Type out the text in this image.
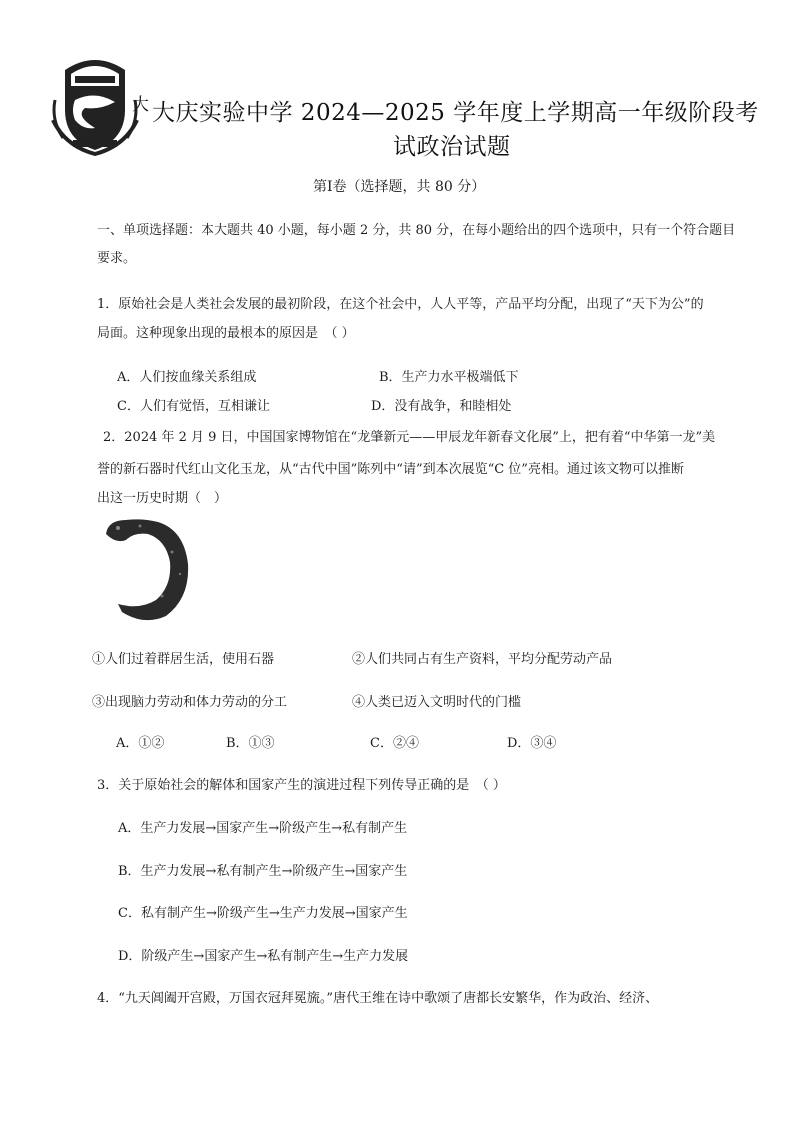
大 大庆实验中学 2024—2025 学年度上学期高一年级阶段考
试政治试题
第Ⅰ卷（选择题，共 80 分）
一、单项选择题：本大题共 40 小题，每小题 2 分，共 80 分，在每小题给出的四个选项中，只有一个符合题目
要求。
1．原始社会是人类社会发展的最初阶段，在这个社会中，人人平等，产品平均分配，出现了“天下为公”的
局面。这种现象出现的最根本的原因是　（ ）
A．人们按血缘关系组成	B．生产力水平极端低下
C．人们有觉悟，互相谦让	D．没有战争，和睦相处
2．2024 年 2 月 9 日，中国国家博物馆在“龙肇新元——甲辰龙年新春文化展”上，把有着“中华第一龙”美
誉的新石器时代红山文化玉龙，从“古代中国”陈列中“请”到本次展览“C 位”亮相。通过该文物可以推断
出这一历史时期（　）
①人们过着群居生活，使用石器	②人们共同占有生产资料，平均分配劳动产品
③出现脑力劳动和体力劳动的分工	④人类已迈入文明时代的门槛
A．①②	B．①③	C．②④	D．③④
3．关于原始社会的解体和国家产生的演进过程下列传导正确的是　（ ）
A．生产力发展→国家产生→阶级产生→私有制产生
B．生产力发展→私有制产生→阶级产生→国家产生
C．私有制产生→阶级产生→生产力发展→国家产生
D．阶级产生→国家产生→私有制产生→生产力发展
4．“九天阊阖开宫殿，万国衣冠拜冕旒。”唐代王维在诗中歌颂了唐都长安繁华，作为政治、经济、
